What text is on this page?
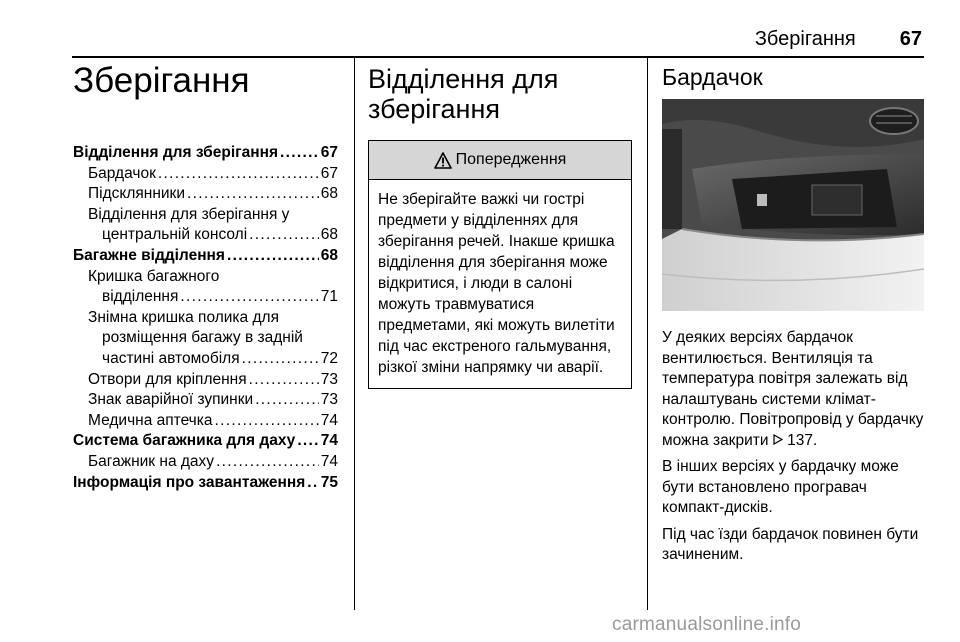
Зберігання 67
Зберігання
Відділення для зберігання . . .	67
Бардачок . . .	67
Підсклянники . . .	68
Відділення для зберігання у
центральній консолі . . .	68
Багажне відділення . . .	68
Кришка багажного
відділення . . .	71
Знімна кришка полика для
розміщення багажу в задній
частині автомобіля . . .	72
Отвори для кріплення . . .	73
Знак аварійної зупинки . . .	73
Медична аптечка . . .	74
Система багажника для даху . . . 74
Багажник на даху . . .	74
Інформація про завантаження . . . 75
Відділення для зберігання
Попередження
Не зберігайте важкі чи гострі предмети у відділеннях для зберігання речей. Інакше кришка відділення для зберігання може відкритися, і люди в салоні можуть травмуватися предметами, які можуть вилетіти під час екстреного гальмування, різкої зміни напрямку чи аварії.
Бардачок

У деяких версіях бардачок вентилюється. Вентиляція та температура повітря залежать від налаштувань системи клімат-контролю. Повітропровід у бардачку можна закрити  137.

В інших версіях у бардачку може бути встановлено програвач компакт-дисків.

Під час їзди бардачок повинен бути зачиненим.

carmanualsonline.info
